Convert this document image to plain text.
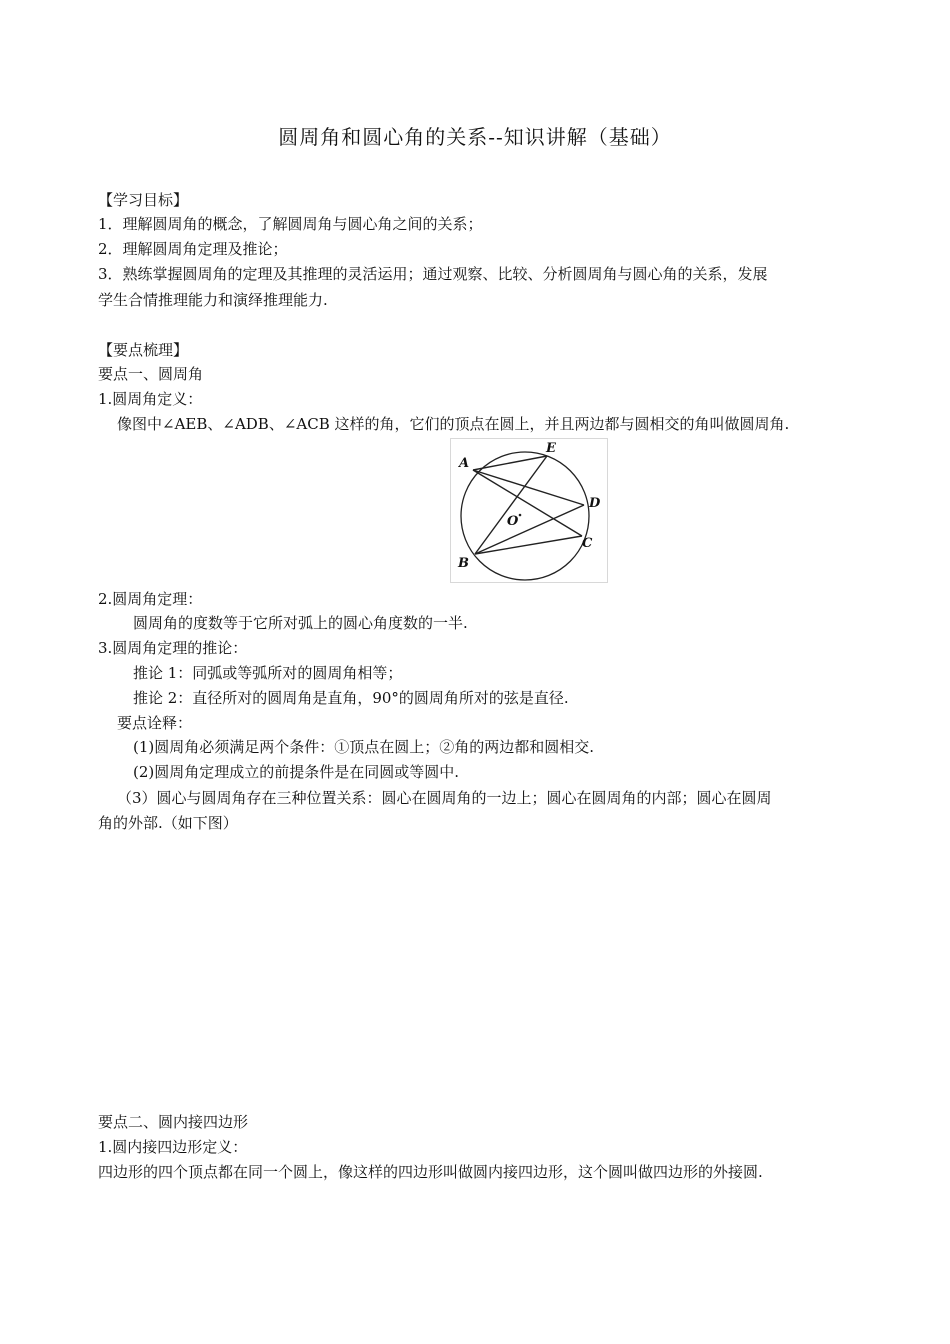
圆周角和圆心角的关系--知识讲解（基础）
【学习目标】
1．理解圆周角的概念，了解圆周角与圆心角之间的关系；
2．理解圆周角定理及推论；
3．熟练掌握圆周角的定理及其推理的灵活运用；通过观察、比较、分析圆周角与圆心角的关系，发展
学生合情推理能力和演绎推理能力.
【要点梳理】
要点一、圆周角
1.圆周角定义：
像图中∠AEB、∠ADB、∠ACB 这样的角，它们的顶点在圆上，并且两边都与圆相交的角叫做圆周角.
A
E
D
C
B
O
2.圆周角定理：
圆周角的度数等于它所对弧上的圆心角度数的一半.
3.圆周角定理的推论：
推论 1：同弧或等弧所对的圆周角相等；
推论 2：直径所对的圆周角是直角，90°的圆周角所对的弦是直径.
要点诠释：
(1)圆周角必须满足两个条件：①顶点在圆上；②角的两边都和圆相交.
(2)圆周角定理成立的前提条件是在同圆或等圆中.
（3）圆心与圆周角存在三种位置关系：圆心在圆周角的一边上；圆心在圆周角的内部；圆心在圆周
角的外部.（如下图）
要点二、圆内接四边形
1.圆内接四边形定义：
四边形的四个顶点都在同一个圆上，像这样的四边形叫做圆内接四边形，这个圆叫做四边形的外接圆.
